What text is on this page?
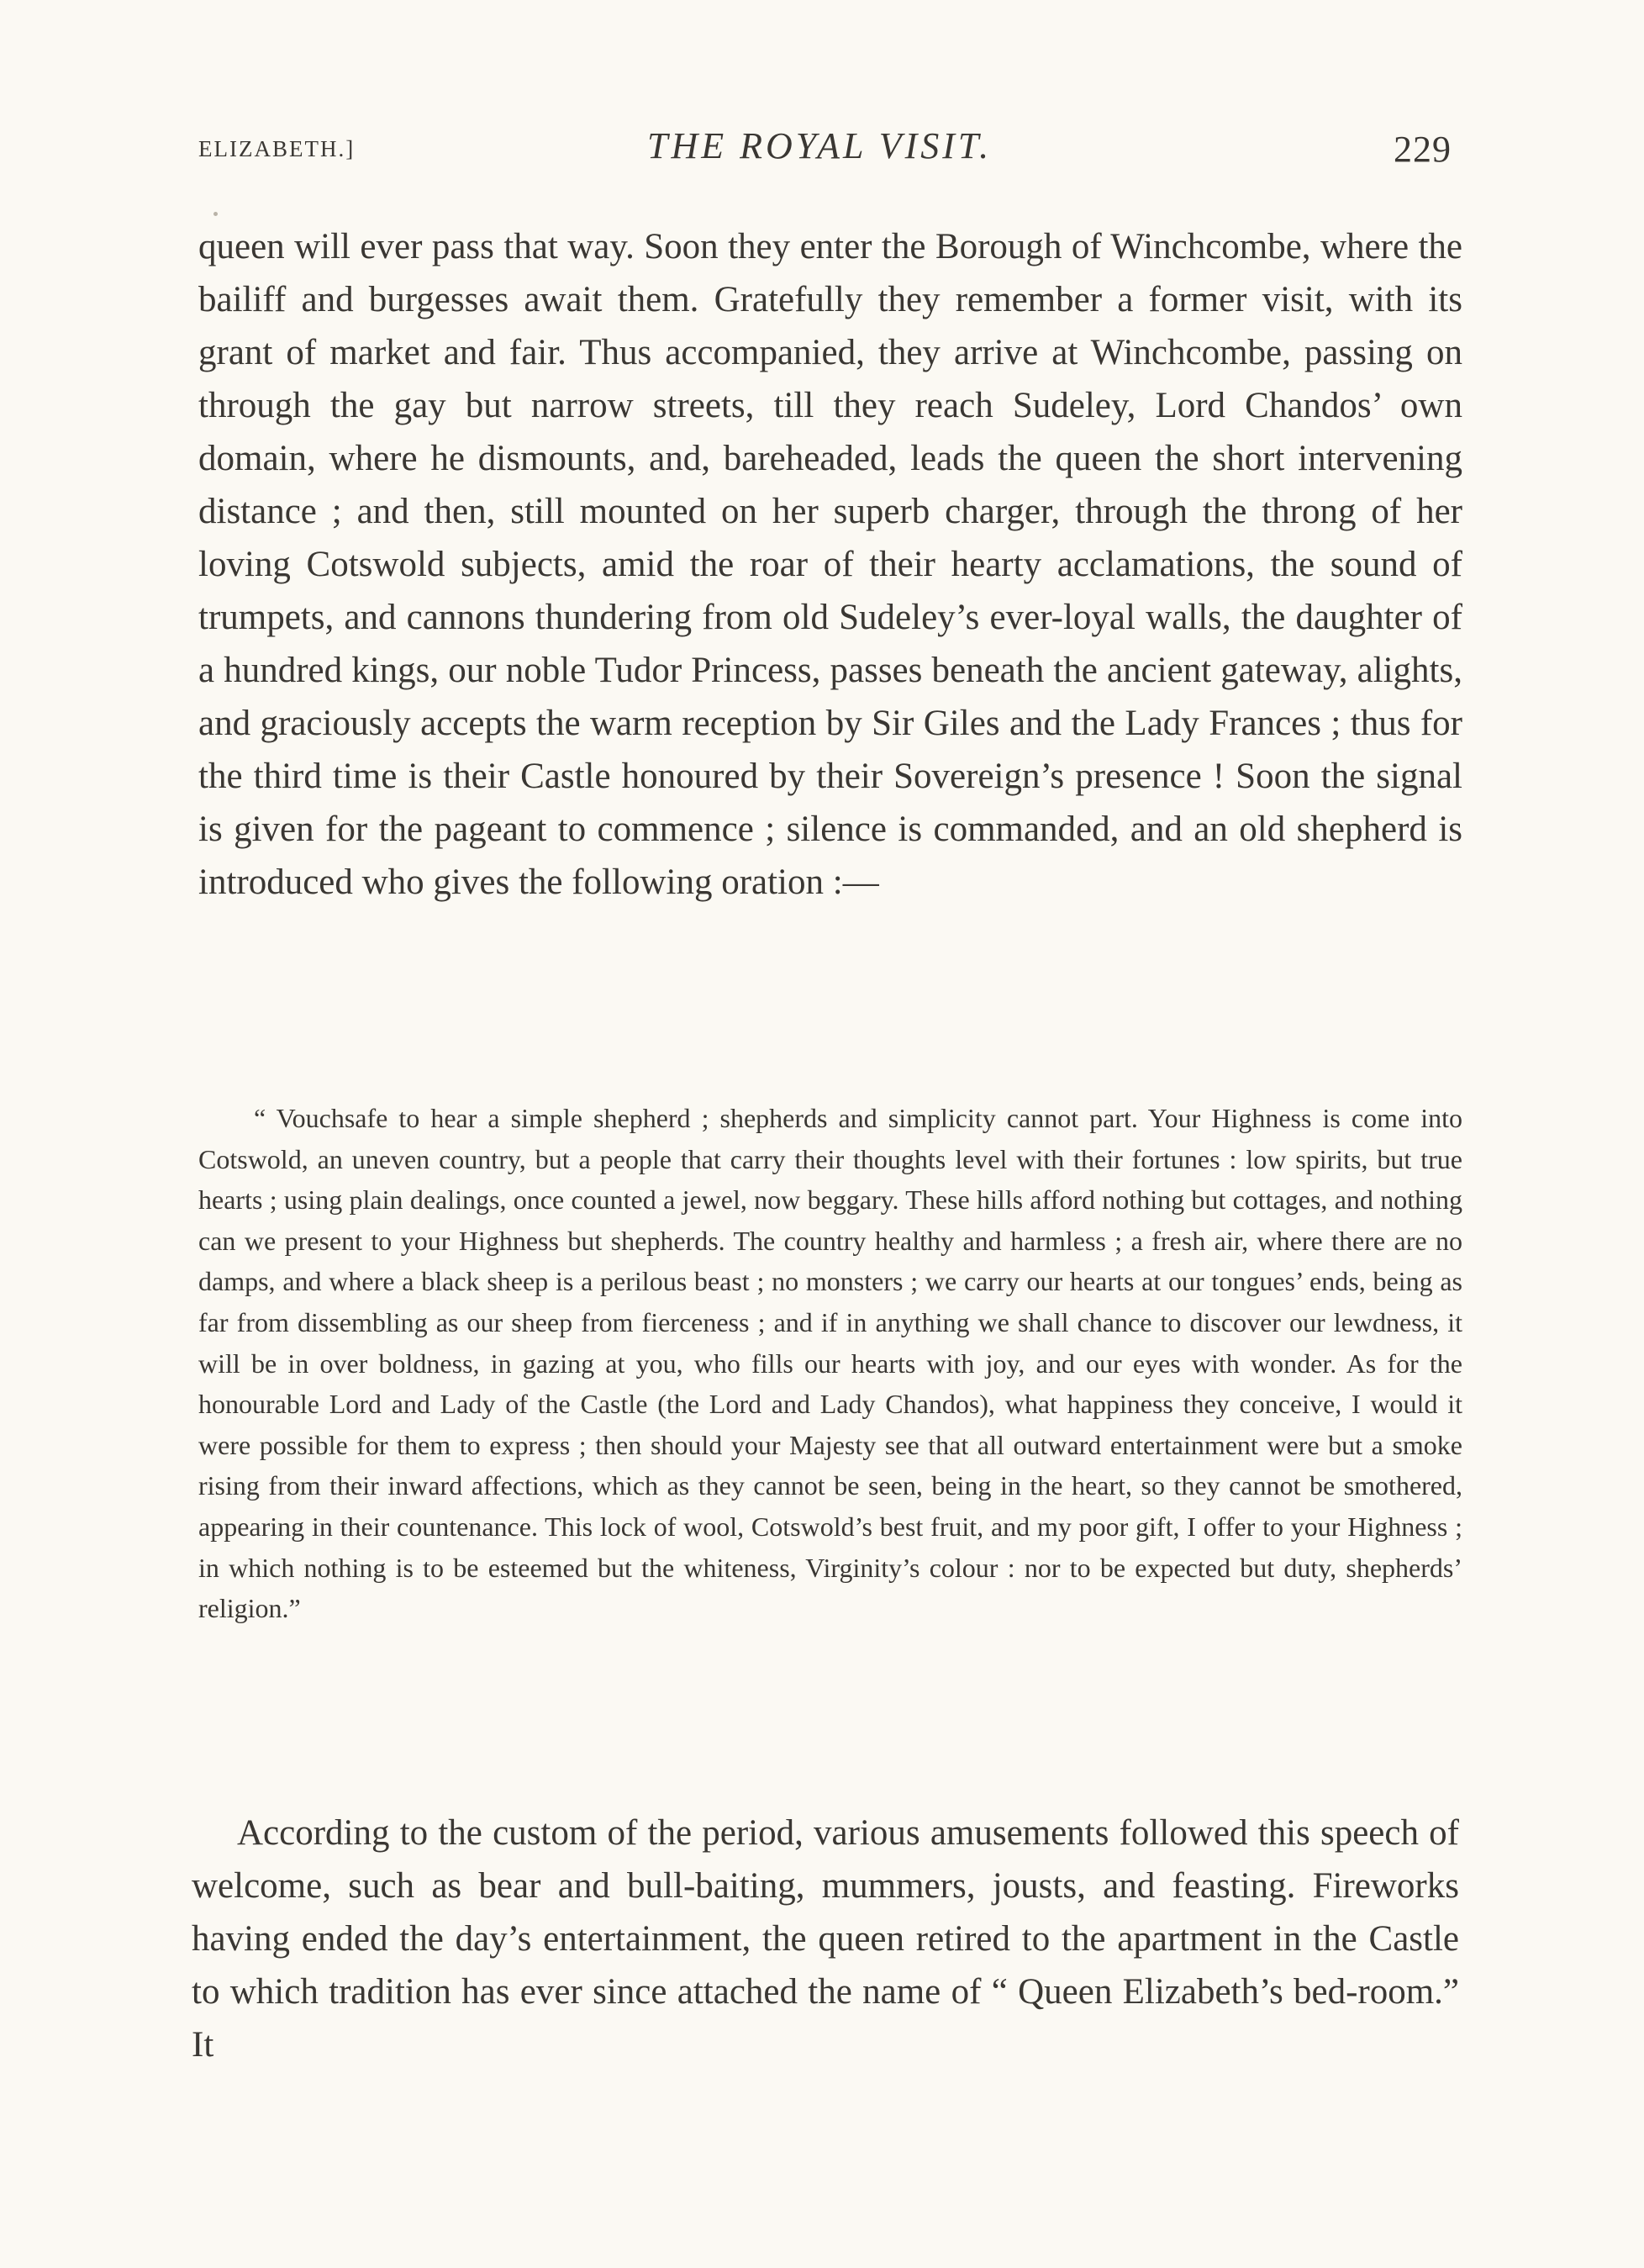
ELIZABETH.]	THE ROYAL VISIT.	229

queen will ever pass that way. Soon they enter the Borough of Winchcombe, where the bailiff and burgesses await them. Gratefully they remember a former visit, with its grant of market and fair. Thus accompanied, they arrive at Winchcombe, passing on through the gay but narrow streets, till they reach Sudeley, Lord Chandos’ own domain, where he dismounts, and, bareheaded, leads the queen the short intervening distance ; and then, still mounted on her superb charger, through the throng of her loving Cotswold subjects, amid the roar of their hearty acclamations, the sound of trumpets, and cannons thundering from old Sudeley’s ever-loyal walls, the daughter of a hundred kings, our noble Tudor Princess, passes beneath the ancient gateway, alights, and graciously accepts the warm reception by Sir Giles and the Lady Frances ; thus for the third time is their Castle honoured by their Sovereign’s presence ! Soon the signal is given for the pageant to commence ; silence is commanded, and an old shepherd is introduced who gives the following oration :—

“ Vouchsafe to hear a simple shepherd ; shepherds and simplicity cannot part. Your Highness is come into Cotswold, an uneven country, but a people that carry their thoughts level with their fortunes : low spirits, but true hearts ; using plain dealings, once counted a jewel, now beggary. These hills afford nothing but cottages, and nothing can we present to your Highness but shepherds. The country healthy and harmless ; a fresh air, where there are no damps, and where a black sheep is a perilous beast ; no monsters ; we carry our hearts at our tongues’ ends, being as far from dissembling as our sheep from fierceness ; and if in anything we shall chance to discover our lewdness, it will be in over boldness, in gazing at you, who fills our hearts with joy, and our eyes with wonder. As for the honourable Lord and Lady of the Castle (the Lord and Lady Chandos), what happiness they conceive, I would it were possible for them to express ; then should your Majesty see that all outward entertainment were but a smoke rising from their inward affections, which as they cannot be seen, being in the heart, so they cannot be smothered, appearing in their countenance. This lock of wool, Cotswold’s best fruit, and my poor gift, I offer to your Highness ; in which nothing is to be esteemed but the whiteness, Virginity’s colour : nor to be expected but duty, shepherds’ religion.”

According to the custom of the period, various amusements followed this speech of welcome, such as bear and bull-baiting, mummers, jousts, and feasting. Fireworks having ended the day’s entertainment, the queen retired to the apartment in the Castle to which tradition has ever since attached the name of “ Queen Elizabeth’s bed-room.” It
